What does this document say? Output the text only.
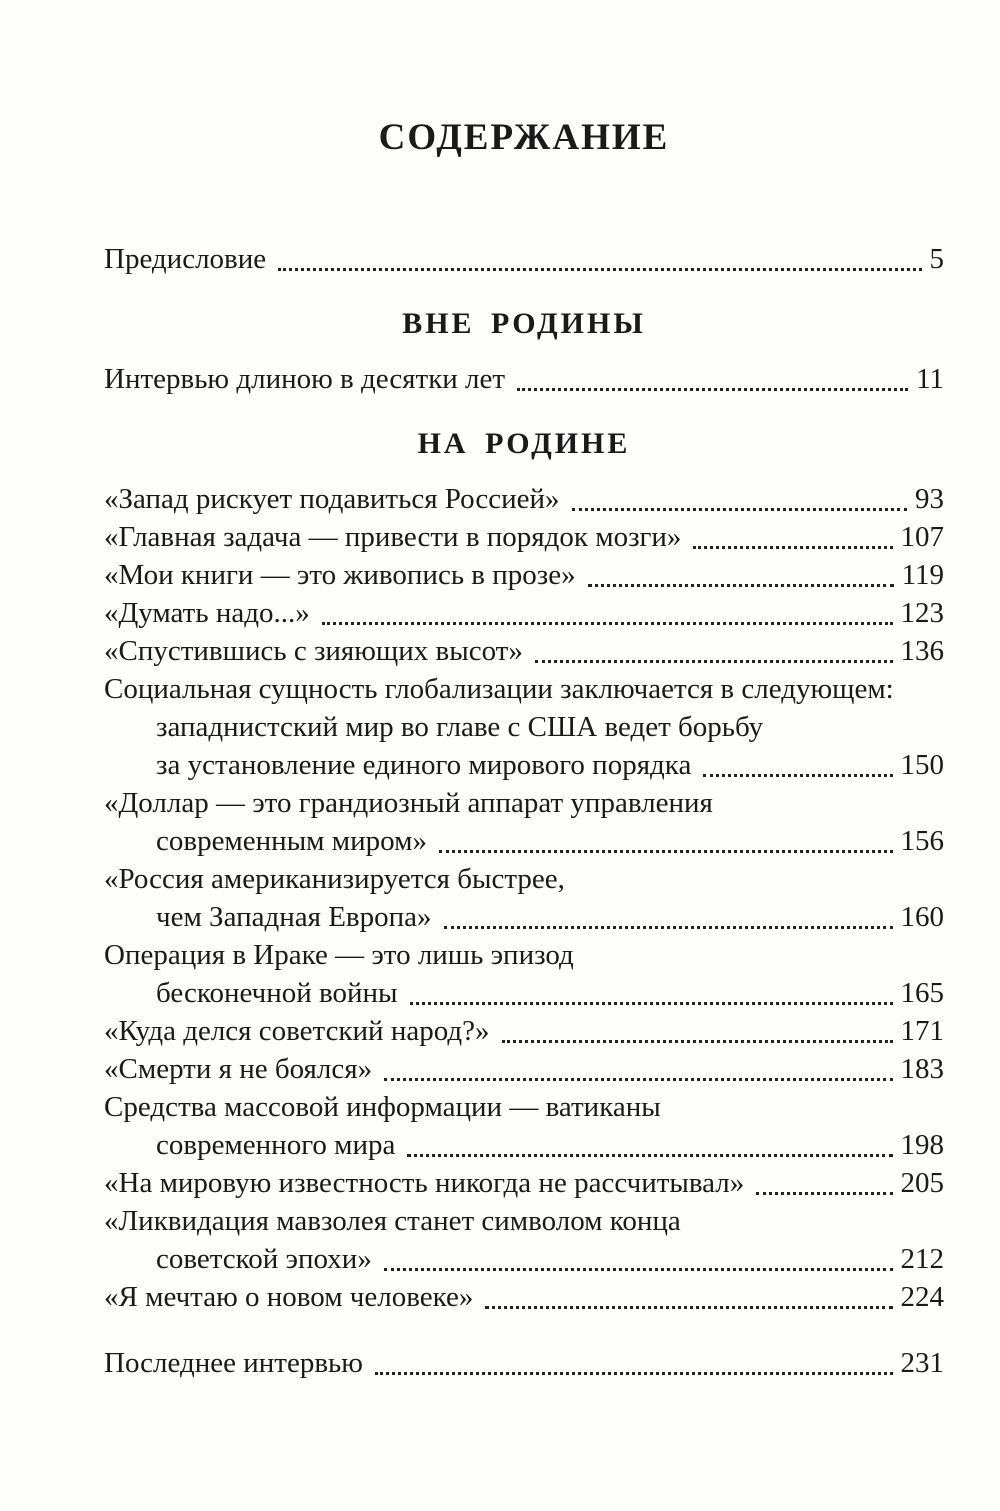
СОДЕРЖАНИЕ
Предисловие	5
ВНЕ РОДИНЫ
Интервью длиною в десятки лет	11
НА РОДИНЕ
«Запад рискует подавиться Россией»	93
«Главная задача — привести в порядок мозги»	107
«Мои книги — это живопись в прозе»	119
«Думать надо...»	123
«Спустившись с зияющих высот»	136
Социальная сущность глобализации заключается в следующем:
западнистский мир во главе с США ведет борьбу
за установление единого мирового порядка	150
«Доллар — это грандиозный аппарат управления
современным миром»	156
«Россия американизируется быстрее,
чем Западная Европа»	160
Операция в Ираке — это лишь эпизод
бесконечной войны	165
«Куда делся советский народ?»	171
«Смерти я не боялся»	183
Средства массовой информации — ватиканы
современного мира	198
«На мировую известность никогда не рассчитывал»	205
«Ликвидация мавзолея станет символом конца
советской эпохи»	212
«Я мечтаю о новом человеке»	224
Последнее интервью	231
